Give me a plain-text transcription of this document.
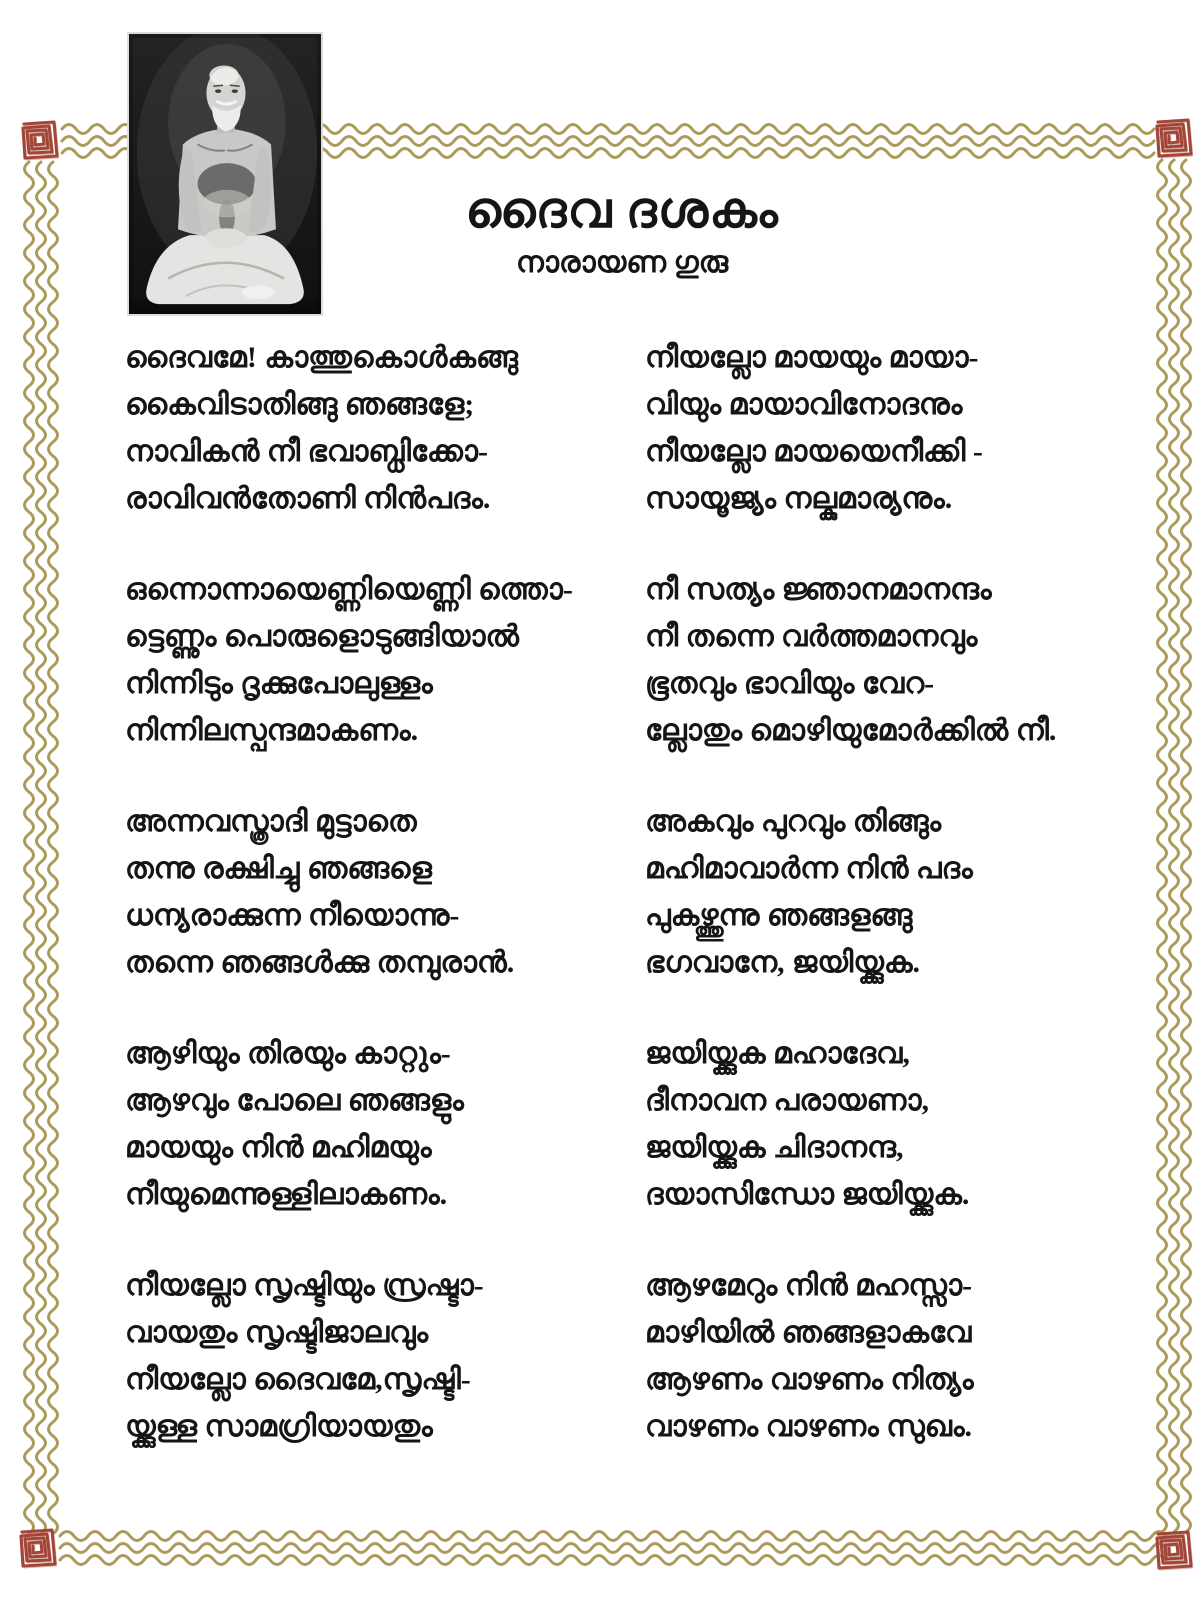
ദൈവ ദശകം
നാരായണ ഗുരു
ദൈവമേ! കാത്തുകൊൾകങ്ങു
കൈവിടാതിങ്ങു ഞങ്ങളേ;
നാവികൻ നീ ഭവാബ്ധിക്കോ-
രാവിവൻതോണി നിൻപദം.
ഒന്നൊന്നായെണ്ണിയെണ്ണി ത്തൊ-
ട്ടെണ്ണും പൊരുളൊടുങ്ങിയാൽ
നിന്നിടും ദൃക്കുപോലുള്ളം
നിന്നിലസ്പന്ദമാകണം.
അന്നവസ്ത്രാദി മുട്ടാതെ
തന്നു രക്ഷിച്ചു ഞങ്ങളെ
ധന്യരാക്കുന്ന നീയൊന്നു-
തന്നെ ഞങ്ങൾക്കു തമ്പുരാൻ.
ആഴിയും തിരയും കാറ്റും-
ആഴവും പോലെ ഞങ്ങളും
മായയും നിൻ മഹിമയും
നീയുമെന്നുള്ളിലാകണം.
നീയല്ലോ സൃഷ്ടിയും സ്രഷ്ടാ-
വായതും സൃഷ്ടിജാലവും
നീയല്ലോ ദൈവമേ,സൃഷ്ടി-
യ്ക്കുള്ള സാമഗ്രിയായതും
നീയല്ലോ മായയും മായാ-
വിയും മായാവിനോദനും
നീയല്ലോ മായയെനീക്കി -
സായൂജ്യം നല്കുമാര്യനും.
നീ സത്യം ജ്ഞാനമാനന്ദം
നീ തന്നെ വർത്തമാനവും
ഭൂതവും ഭാവിയും വേറ-
ല്ലോതും മൊഴിയുമോർക്കിൽ നീ.
അകവും പുറവും തിങ്ങും
മഹിമാവാർന്ന നിൻ പദം
പുകഴ്ത്തുന്നു ഞങ്ങളങ്ങു
ഭഗവാനേ, ജയിയ്ക്കുക.
ജയിയ്ക്കുക മഹാദേവ,
ദീനാവന പരായണാ,
ജയിയ്ക്കുക ചിദാനന്ദ,
ദയാസിന്ധോ ജയിയ്ക്കുക.
ആഴമേറും നിൻ മഹസ്സാ-
മാഴിയിൽ ഞങ്ങളാകവേ
ആഴണം വാഴണം നിത്യം
വാഴണം വാഴണം സുഖം.
